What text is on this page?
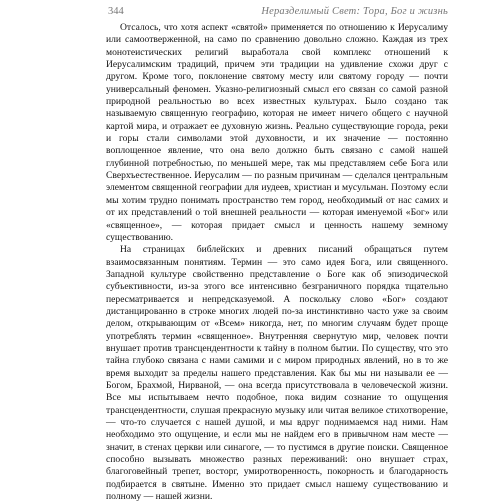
344	Неразделимый Свет: Тора, Бог и жизнь

Отсалось, что хотя аспект «святой» применяется по отношению к Иерусалиму или самоотверженной, на само по сравнению довольно сложно. Каждая из трех монотеистических религий выработала свой комплекс отношений к Иерусалимским традиций, причем эти традиции на удивление схожи друг с другом. Кроме того, поклонение святому месту или святому городу — почти универсальный феномен. Указно-религиозный смысл его связан со самой разной природной реальностью во всех известных культурах. Было создано так называемую священную географию, которая не имеет ничего общего с научной картой мира, и отражает ее духовную жизнь. Реально существующие города, реки и горы стали символами этой духовности, и их значение — постоянно воплощенное явление, что она вело должно быть связано с самой нашей глубинной потребностью, по меньшей мере, так мы представляем себе Бога или Сверхъестественное. Иерусалим — по разным причинам — сделался центральным элементом священной географии для иудеев, христиан и мусульман. Поэтому если мы хотим трудно понимать пространство тем город, необходимый от нас самих и от их представлений о той внешней реальности — которая именуемой «Бог» или «священное», — которая придает смысл и ценность нашему земному существованию.

На страницах библейских и древних писаний обращаться путем взаимосвязанным понятиям. Термин — это само идея Бога, или священного. Западной культуре свойственно представление о Боге как об эпизодической субъективности, из-за этого все интенсивно безграничного порядка тщательно пересматривается и непредсказуемой. А поскольку слово «Бог» создают дистанцированно в строке многих людей по-за инстинктивно часто уже за своим делом, открывающим от «Всем» никогда, нет, по многим случаям будет проще употреблять термин «священное». Внутренняя свернутую мир, человек почти внушает против трансцендентности к тайну в полном бытии. По существу, что это тайна глубоко связана с нами самими и с миром природных явлений, но в то же время выходит за пределы нашего представления. Как бы мы ни называли ее — Богом, Брахмой, Нирваной, — она всегда присутствовала в человеческой жизни. Все мы испытываем нечто подобное, пока видим сознание то ощущения трансцендентности, слушая прекрасную музыку или читая великое стихотворение, — что-то случается с нашей душой, и мы вдруг поднимаемся над ними. Нам необходимо это ощущение, и если мы не найдем его в привычном нам месте — значит, в стенах церкви или синагоге, — то пустимся в другие поиски. Священное способно вызывать множество разных переживаний: оно внушает страх, благоговейный трепет, восторг, умиротворенность, покорность и благодарность подбирается в святыне. Именно это придает смысл нашему существованию и полному — нашей жизни.
